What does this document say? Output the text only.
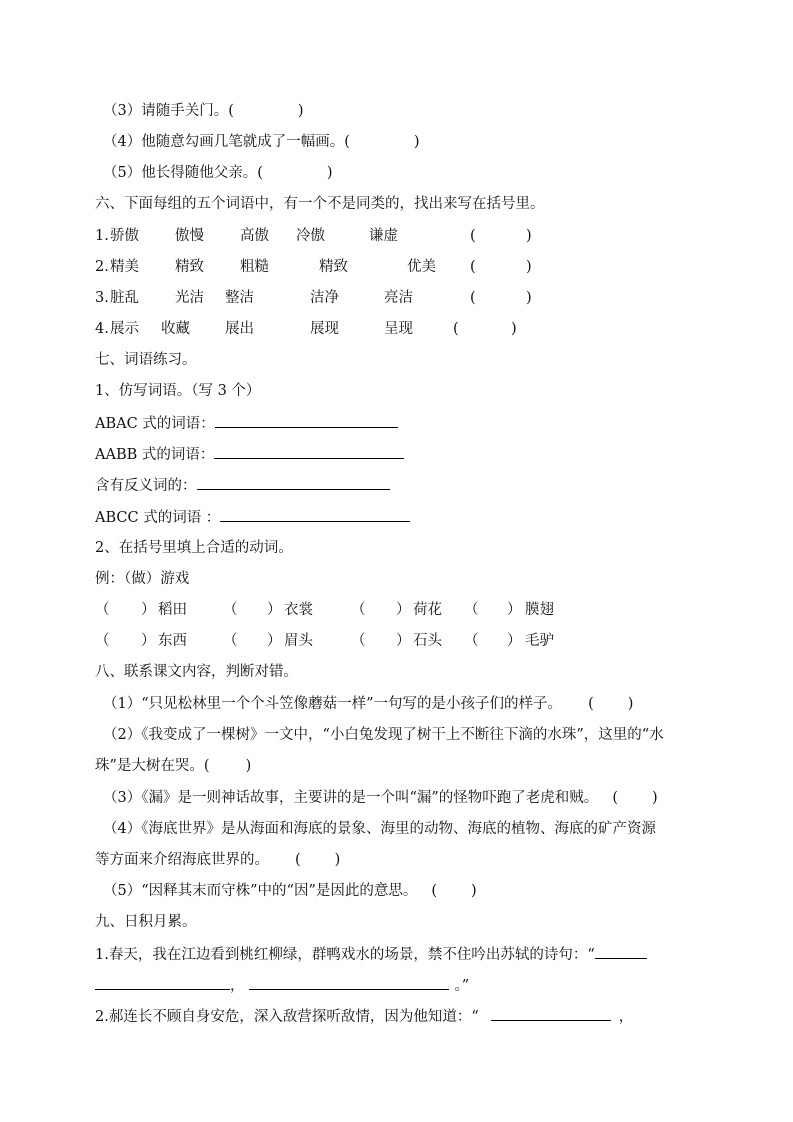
（3）请随手关门。(	)
（4）他随意勾画几笔就成了一幅画。(	)
（5）他长得随他父亲。(	)
六、下面每组的五个词语中，有一个不是同类的，找出来写在括号里。
1. 骄傲 傲慢 高傲 冷傲	谦虚	(	)
2. 精美 精致 粗糙	精致	优美 (	)
3. 脏乱 光洁 整洁	洁净	亮洁	(	)
4. 展示 收藏 展出	展现	呈现	(	)
七、词语练习。
1、仿写词语。（写 3 个）
ABAC 式的词语：
AABB 式的词语：
含有反义词的：
ABCC 式的词语 ：
2、在括号里填上合适的动词。
例：（做）游戏
（ ） 稻田 （ ） 衣裳	（ ） 荷花 （ ） 膜翅
（ ） 东西 （ ） 眉头	（ ） 石头 （ ） 毛驴
八、联系课文内容，判断对错。
（1）“只见松林里一个个斗笠像蘑菇一样”一句写的是小孩子们的样子。 ( )
（2）《我变成了一棵树》一文中，“小白兔发现了树干上不断往下滴的水珠”，这里的“水
珠”是大树在哭。( )
（3）《漏》是一则神话故事，主要讲的是一个叫“漏”的怪物吓跑了老虎和贼。 ( )
（4）《海底世界》是从海面和海底的景象、海里的动物、海底的植物、海底的矿产资源
等方面来介绍海底世界的。 ( )
（5）“因释其末而守株”中的“因”是因此的意思。 ( )
九、日积月累。
1.春天，我在江边看到桃红柳绿，群鸭戏水的场景，禁不住吟出苏轼的诗句：“
，	。”
2.郝连长不顾自身安危，深入敌营探听敌情，因为他知道：“	，
